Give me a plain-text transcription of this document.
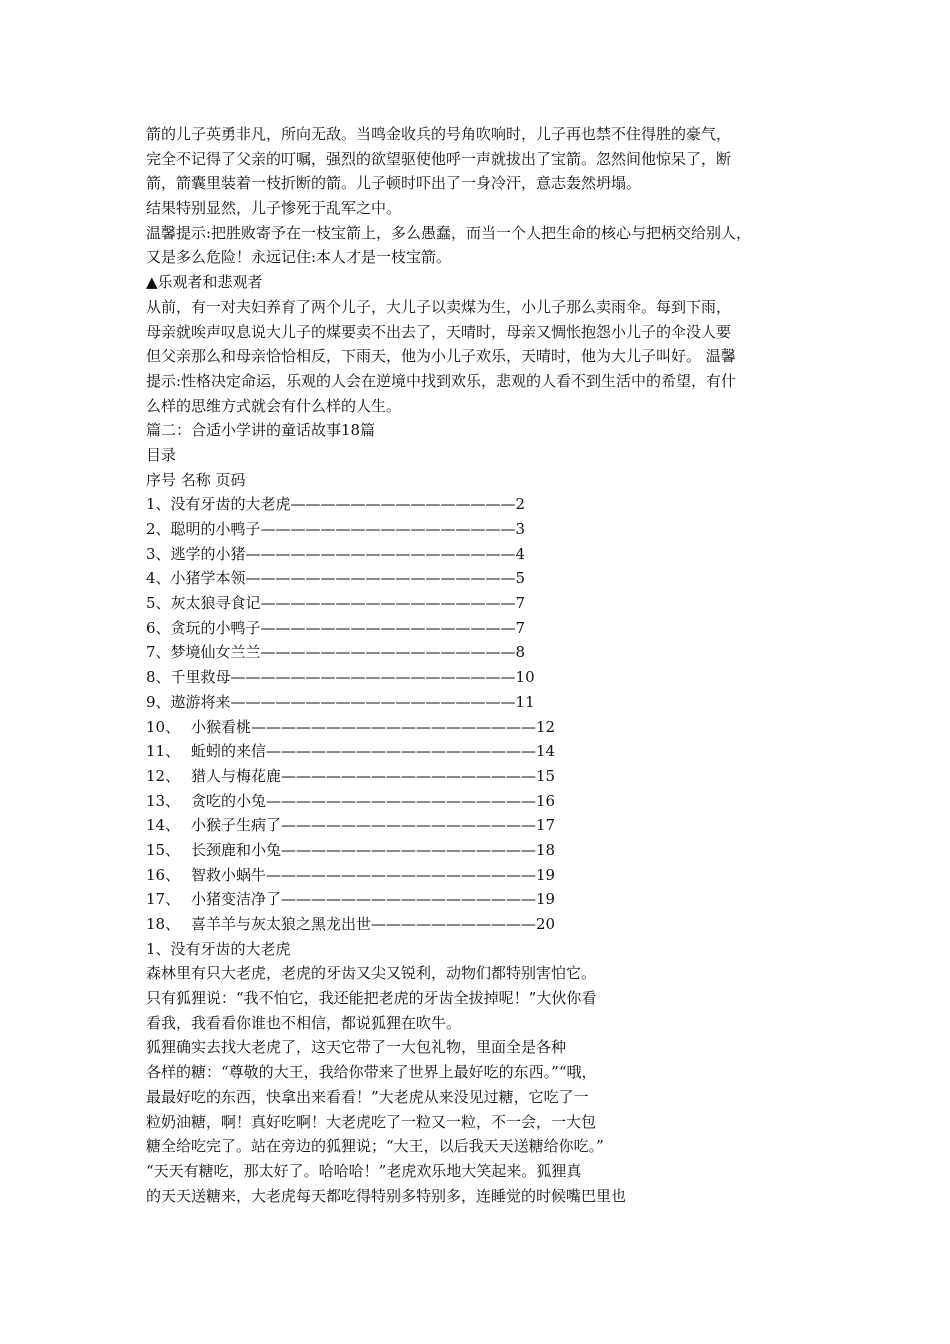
箭的儿子英勇非凡，所向无敌。当鸣金收兵的号角吹响时，儿子再也禁不住得胜的豪气，
完全不记得了父亲的叮嘱，强烈的欲望驱使他呼一声就拔出了宝箭。忽然间他惊呆了，断
箭，箭囊里装着一枝折断的箭。儿子顿时吓出了一身冷汗，意志轰然坍塌。
结果特别显然，儿子惨死于乱军之中。
温馨提示:把胜败寄予在一枝宝箭上，多么愚蠢，而当一个人把生命的核心与把柄交给别人，
又是多么危险！永远记住:本人才是一枝宝箭。
▲乐观者和悲观者
从前，有一对夫妇养育了两个儿子，大儿子以卖煤为生，小儿子那么卖雨伞。每到下雨，
母亲就唉声叹息说大儿子的煤要卖不出去了，天晴时，母亲又惆怅抱怨小儿子的伞没人要
但父亲那么和母亲恰恰相反，下雨天，他为小儿子欢乐，天晴时，他为大儿子叫好。 温馨
提示:性格决定命运，乐观的人会在逆境中找到欢乐，悲观的人看不到生活中的希望，有什
么样的思维方式就会有什么样的人生。
篇二：合适小学讲的童话故事18篇
目录
序号 名称 页码
1、没有牙齿的大老虎 ——————————————— 2
2、聪明的小鸭子 ————————————————— 3
3、逃学的小猪 —————————————————— 4
4、小猪学本领 —————————————————— 5
5、灰太狼寻食记 ————————————————— 7
6、贪玩的小鸭子 ————————————————— 7
7、梦境仙女兰兰 ————————————————— 8
8、千里救母 ——————————————————— 10
9、遨游将来 ——————————————————— 11
10、 小猴看桃 ——————————————————— 12
11、 蚯蚓的来信 —————————————————— 14
12、 猎人与梅花鹿 ————————————————— 15
13、 贪吃的小兔 —————————————————— 16
14、 小猴子生病了 ————————————————— 17
15、 长颈鹿和小兔 ————————————————— 18
16、 智救小蜗牛 —————————————————— 19
17、 小猪变洁净了 ————————————————— 19
18、 喜羊羊与灰太狼之黑龙出世 ——————————— 20
1、没有牙齿的大老虎
森林里有只大老虎，老虎的牙齿又尖又锐利，动物们都特别害怕它。
只有狐狸说：“我不怕它，我还能把老虎的牙齿全拔掉呢！”大伙你看
看我，我看看你谁也不相信，都说狐狸在吹牛。
狐狸确实去找大老虎了，这天它带了一大包礼物，里面全是各种
各样的糖：“尊敬的大王，我给你带来了世界上最好吃的东西。”“哦，
最最好吃的东西，快拿出来看看！”大老虎从来没见过糖，它吃了一
粒奶油糖，啊！真好吃啊！大老虎吃了一粒又一粒，不一会，一大包
糖全给吃完了。站在旁边的狐狸说；“大王，以后我天天送糖给你吃。”
“天天有糖吃，那太好了。哈哈哈！”老虎欢乐地大笑起来。狐狸真
的天天送糖来，大老虎每天都吃得特别多特别多，连睡觉的时候嘴巴里也
